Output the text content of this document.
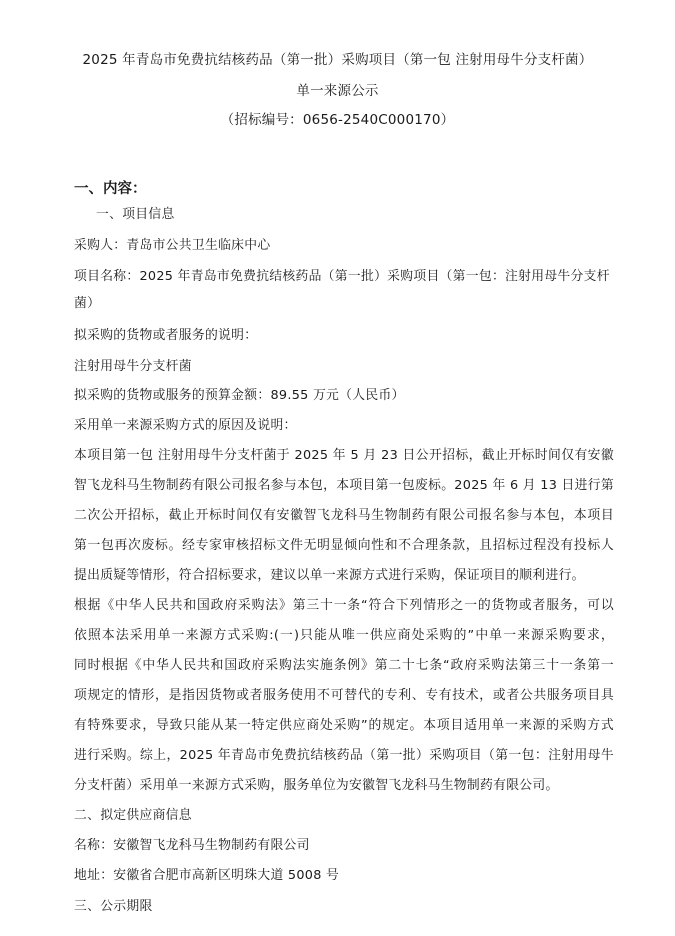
2025 年青岛市免费抗结核药品（第一批）采购项目（第一包 注射用母牛分支杆菌）
单一来源公示
（招标编号：0656-2540C000170）
一、内容：
一、项目信息
采购人：青岛市公共卫生临床中心
项目名称：2025 年青岛市免费抗结核药品（第一批）采购项目（第一包：注射用母牛分支杆
菌）
拟采购的货物或者服务的说明：
注射用母牛分支杆菌
拟采购的货物或服务的预算金额：89.55 万元（人民币）
采用单一来源采购方式的原因及说明：
本项目第一包 注射用母牛分支杆菌于 2025 年 5 月 23 日公开招标，截止开标时间仅有安徽
智飞龙科马生物制药有限公司报名参与本包，本项目第一包废标。2025 年 6 月 13 日进行第
二次公开招标，截止开标时间仅有安徽智飞龙科马生物制药有限公司报名参与本包，本项目
第一包再次废标。经专家审核招标文件无明显倾向性和不合理条款，且招标过程没有投标人
提出质疑等情形，符合招标要求，建议以单一来源方式进行采购，保证项目的顺利进行。
根据《中华人民共和国政府采购法》第三十一条“符合下列情形之一的货物或者服务，可以
依照本法采用单一来源方式采购:(一)只能从唯一供应商处采购的”中单一来源采购要求，
同时根据《中华人民共和国政府采购法实施条例》第二十七条“政府采购法第三十一条第一
项规定的情形，是指因货物或者服务使用不可替代的专利、专有技术，或者公共服务项目具
有特殊要求，导致只能从某一特定供应商处采购”的规定。本项目适用单一来源的采购方式
进行采购。综上，2025 年青岛市免费抗结核药品（第一批）采购项目（第一包：注射用母牛
分支杆菌）采用单一来源方式采购，服务单位为安徽智飞龙科马生物制药有限公司。
二、拟定供应商信息
名称：安徽智飞龙科马生物制药有限公司
地址：安徽省合肥市高新区明珠大道 5008 号
三、公示期限
